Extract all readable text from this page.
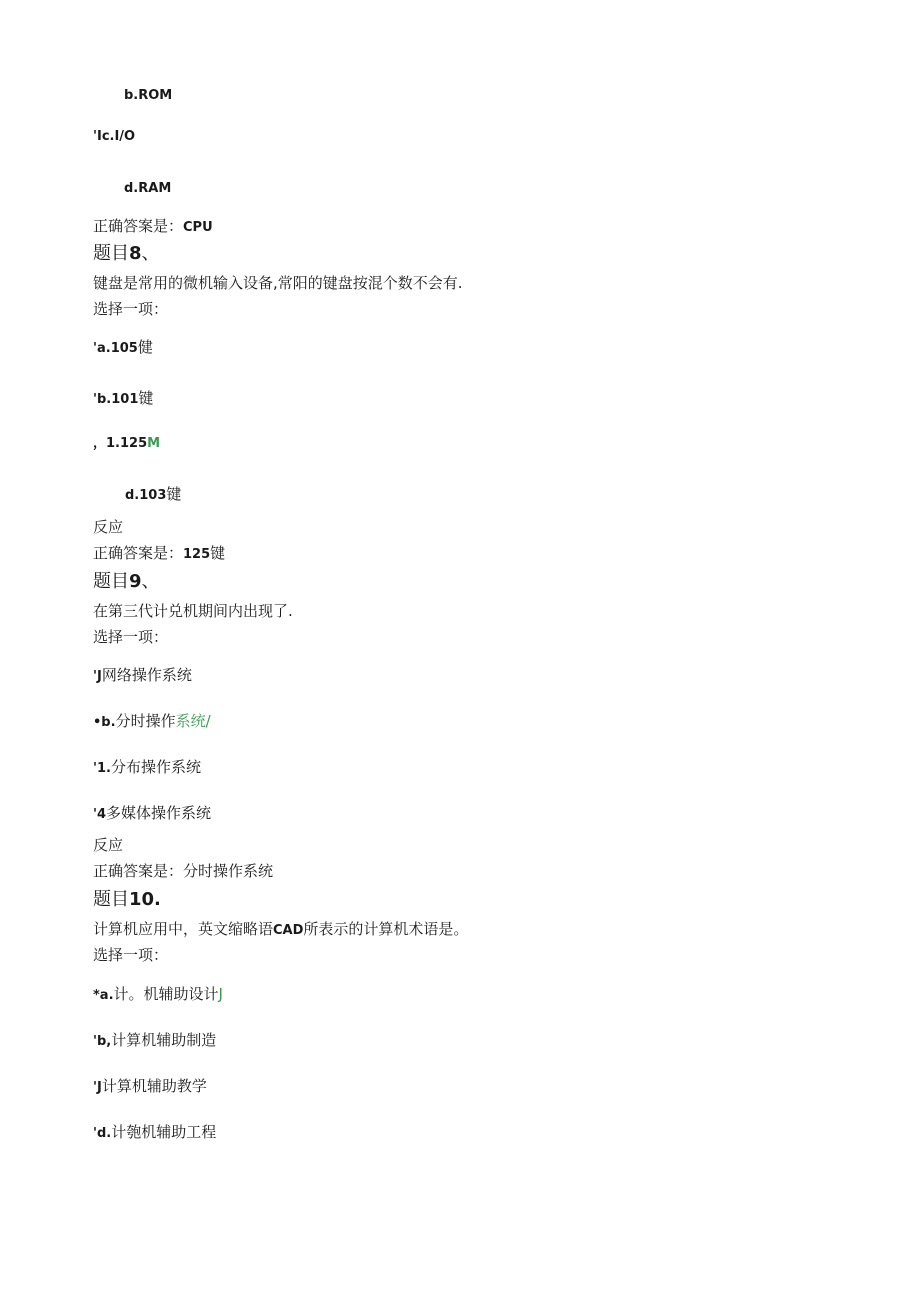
b.ROM
'Ic.I/O
d.RAM
正确答案是：CPU
题目8、
键盘是常用的微机输入设备,常阳的键盘按混个数不会有.
选择一项：
'a.105健
'b.101键
，1.125M
d.103键
反应
正确答案是：125键
题目9、
在第三代计兑机期间内出现了.
选择一项：
'J网络操作系统
•b.分时操作系统/
'1.分布操作系统
'4多媒体操作系统
反应
正确答案是：分时操作系统
题目10.
计算机应用中，英文缩略语CAD所表示的计算机术语是。
选择一项：
*a.计。机辅助设计J
'b,计算机辅助制造
'J计算机辅助教学
'd.计匏机辅助工程
